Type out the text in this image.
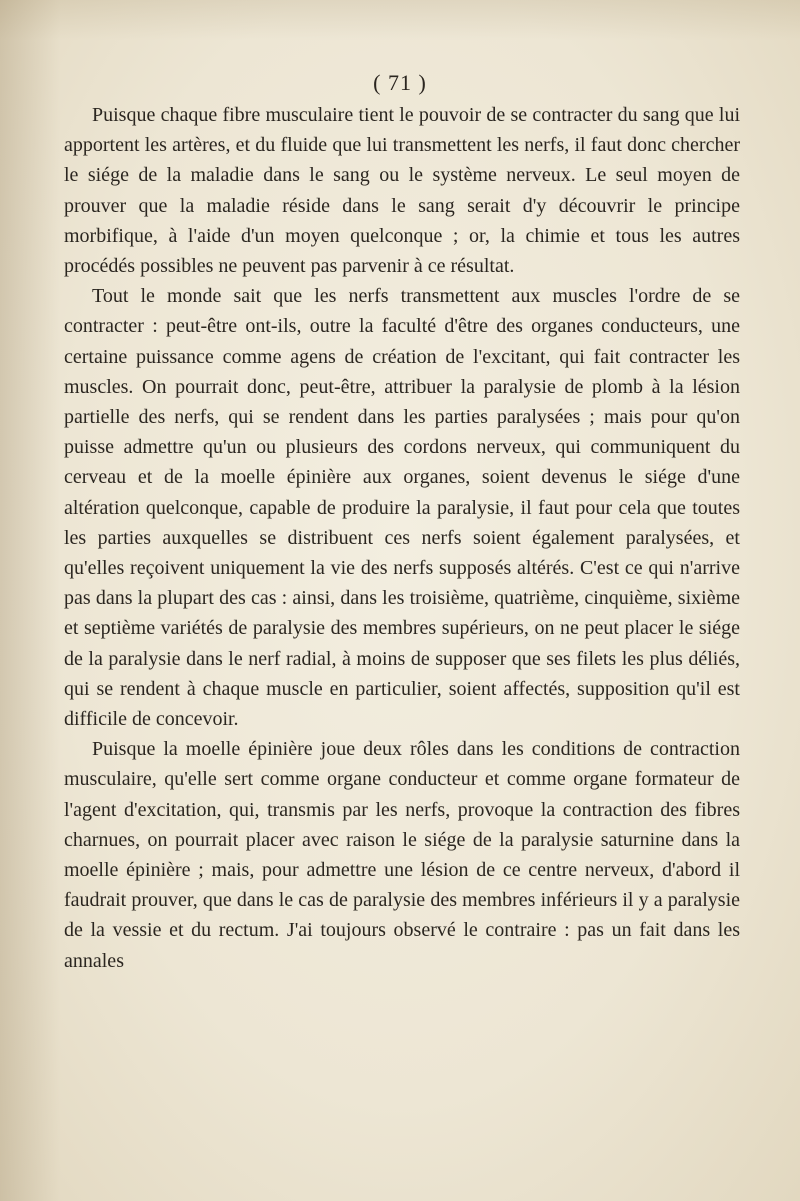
( 71 )

Puisque chaque fibre musculaire tient le pouvoir de se contracter du sang que lui apportent les artères, et du fluide que lui transmettent les nerfs, il faut donc chercher le siége de la maladie dans le sang ou le système nerveux. Le seul moyen de prouver que la maladie réside dans le sang serait d'y découvrir le principe morbifique, à l'aide d'un moyen quelconque ; or, la chimie et tous les autres procédés possibles ne peuvent pas parvenir à ce résultat.

Tout le monde sait que les nerfs transmettent aux muscles l'ordre de se contracter : peut-être ont-ils, outre la faculté d'être des organes conducteurs, une certaine puissance comme agens de création de l'excitant, qui fait contracter les muscles. On pourrait donc, peut-être, attribuer la paralysie de plomb à la lésion partielle des nerfs, qui se rendent dans les parties paralysées ; mais pour qu'on puisse admettre qu'un ou plusieurs des cordons nerveux, qui communiquent du cerveau et de la moelle épinière aux organes, soient devenus le siége d'une altération quelconque, capable de produire la paralysie, il faut pour cela que toutes les parties auxquelles se distribuent ces nerfs soient également paralysées, et qu'elles reçoivent uniquement la vie des nerfs supposés altérés. C'est ce qui n'arrive pas dans la plupart des cas : ainsi, dans les troisième, quatrième, cinquième, sixième et septième variétés de paralysie des membres supérieurs, on ne peut placer le siége de la paralysie dans le nerf radial, à moins de supposer que ses filets les plus déliés, qui se rendent à chaque muscle en particulier, soient affectés, supposition qu'il est difficile de concevoir.

Puisque la moelle épinière joue deux rôles dans les conditions de contraction musculaire, qu'elle sert comme organe conducteur et comme organe formateur de l'agent d'excitation, qui, transmis par les nerfs, provoque la contraction des fibres charnues, on pourrait placer avec raison le siége de la paralysie saturnine dans la moelle épinière ; mais, pour admettre une lésion de ce centre nerveux, d'abord il faudrait prouver, que dans le cas de paralysie des membres inférieurs il y a paralysie de la vessie et du rectum. J'ai toujours observé le contraire : pas un fait dans les annales
